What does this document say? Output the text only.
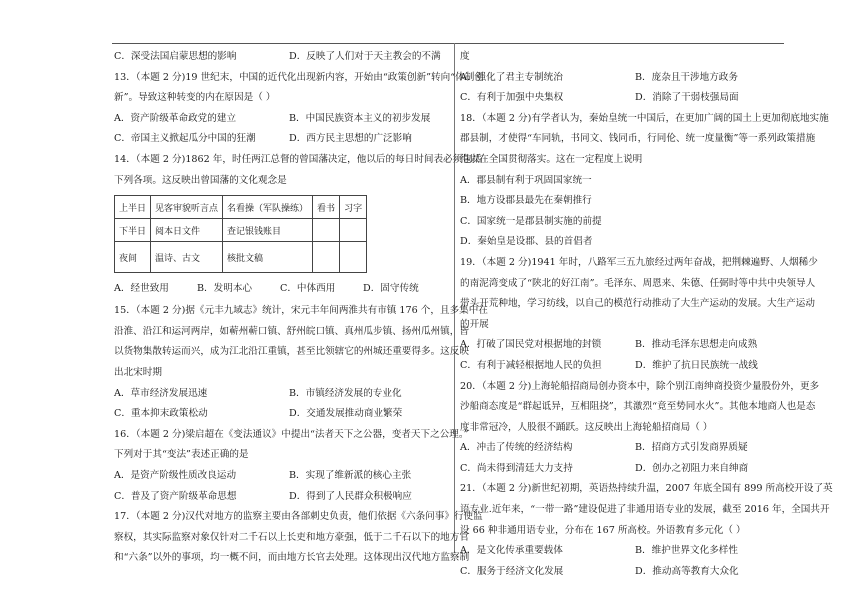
C．深受法国启蒙思想的影响	D．反映了人们对于天主教会的不满

13．（本题 2 分)19 世纪末，中国的近代化出现新内容，开始由“政策创新”转向“体制创

新”。导致这种转变的内在原因是（ ）

A．资产阶级革命政党的建立	B．中国民族资本主义的初步发展
C．帝国主义掀起瓜分中国的狂潮	D．西方民主思想的广泛影响

14．（本题 2 分)1862 年，时任两江总督的曾国藩决定，他以后的每日时间表必须包括

下列各项。这反映出曾国藩的文化观念是

上半日	见客审貌听言点	名看操（军队操练）	看书	习字
下半日	阅本日文件	查记银钱账目		
夜间	温诗、古文	核批文稿		
A．经世致用	B．发明本心	C．中体西用	D．固守传统

15．（本题 2 分)据《元丰九域志》统计，宋元丰年间两淮共有市镇 176 个，且多集中在

沿淮、沿江和运河两岸，如蕲州蕲口镇、舒州皖口镇、真州瓜步镇、扬州瓜州镇，皆

以货物集散转运而兴，成为江北沿江重镇，甚至比领辖它的州城还重要得多。这反映

出北宋时期

A．草市经济发展迅速	B．市镇经济发展的专业化
C．重本抑末政策松动	D．交通发展推动商业繁荣

16．（本题 2 分)梁启超在《变法通议》中提出“法者天下之公器，变者天下之公理。”

下列对于其“变法”表述正确的是

A．是资产阶级性质改良运动	B．实现了维新派的核心主张
C．普及了资产阶级革命思想	D．得到了人民群众积极响应

17．（本题 2 分)汉代对地方的监察主要由各部刺史负责，他们依据《六条问事》行使监

察权，其实际监察对象仅针对二千石以上长吏和地方豪强，低于二千石以下的地方官

和“六条”以外的事项，均一概不问，而由地方长官去处理。这体现出汉代地方监察制

度

A．强化了君主专制统治	B．庞杂且干涉地方政务
C．有利于加强中央集权	D．消除了干弱枝强局面

18．（本题 2 分)有学者认为，秦始皇统一中国后，在更加广阔的国土上更加彻底地实施

郡县制，才使得“车同轨，书同文、钱同币，行同伦、统一度量衡”等一系列政策措施

得以在全国贯彻落实。这在一定程度上说明

A．郡县制有利于巩固国家统一

B．地方设郡县最先在秦朝推行

C．国家统一是郡县制实施的前提

D．秦始皇是设郡、县的首倡者

19．（本题 2 分)1941 年时，八路军三五九旅经过两年奋战，把荆棘遍野、人烟稀少

的南泥湾变成了“陕北的好江南”。毛泽东、周恩来、朱德、任弼时等中共中央领导人

带头开荒种地，学习纺线，以自己的模范行动推动了大生产运动的发展。大生产运动

的开展

A．打破了国民党对根据地的封锁	B．推动毛泽东思想走向成熟
C．有利于减轻根据地人民的负担	D．维护了抗日民族统一战线

20．（本题 2 分)上海轮船招商局创办资本中，除个别江南绅商投资少量股份外，更多

沙船商态度是“群起诋异，互相阻挠”，其激烈“竟至势同水火”。其他本地商人也是态

度非常冠冷，人股很不踊跃。这反映出上海轮船招商局（ ）

A．冲击了传统的经济结构	B．招商方式引发商界质疑
C．尚未得到清廷大力支持	D．创办之初阻力来自绅商

21．（本题 2 分)新世纪初期，英语热持续升温，2007 年底全国有 899 所高校开设了英

语专业.近年来，“一带一路”建设促进了非通用语专业的发展，截至 2016 年，全国共开

设 66 种非通用语专业，分布在 167 所高校。外语教育多元化（ ）

A．是文化传承重要载体	B．维护世界文化多样性
C．服务于经济文化发展	D．推动高等教育大众化
